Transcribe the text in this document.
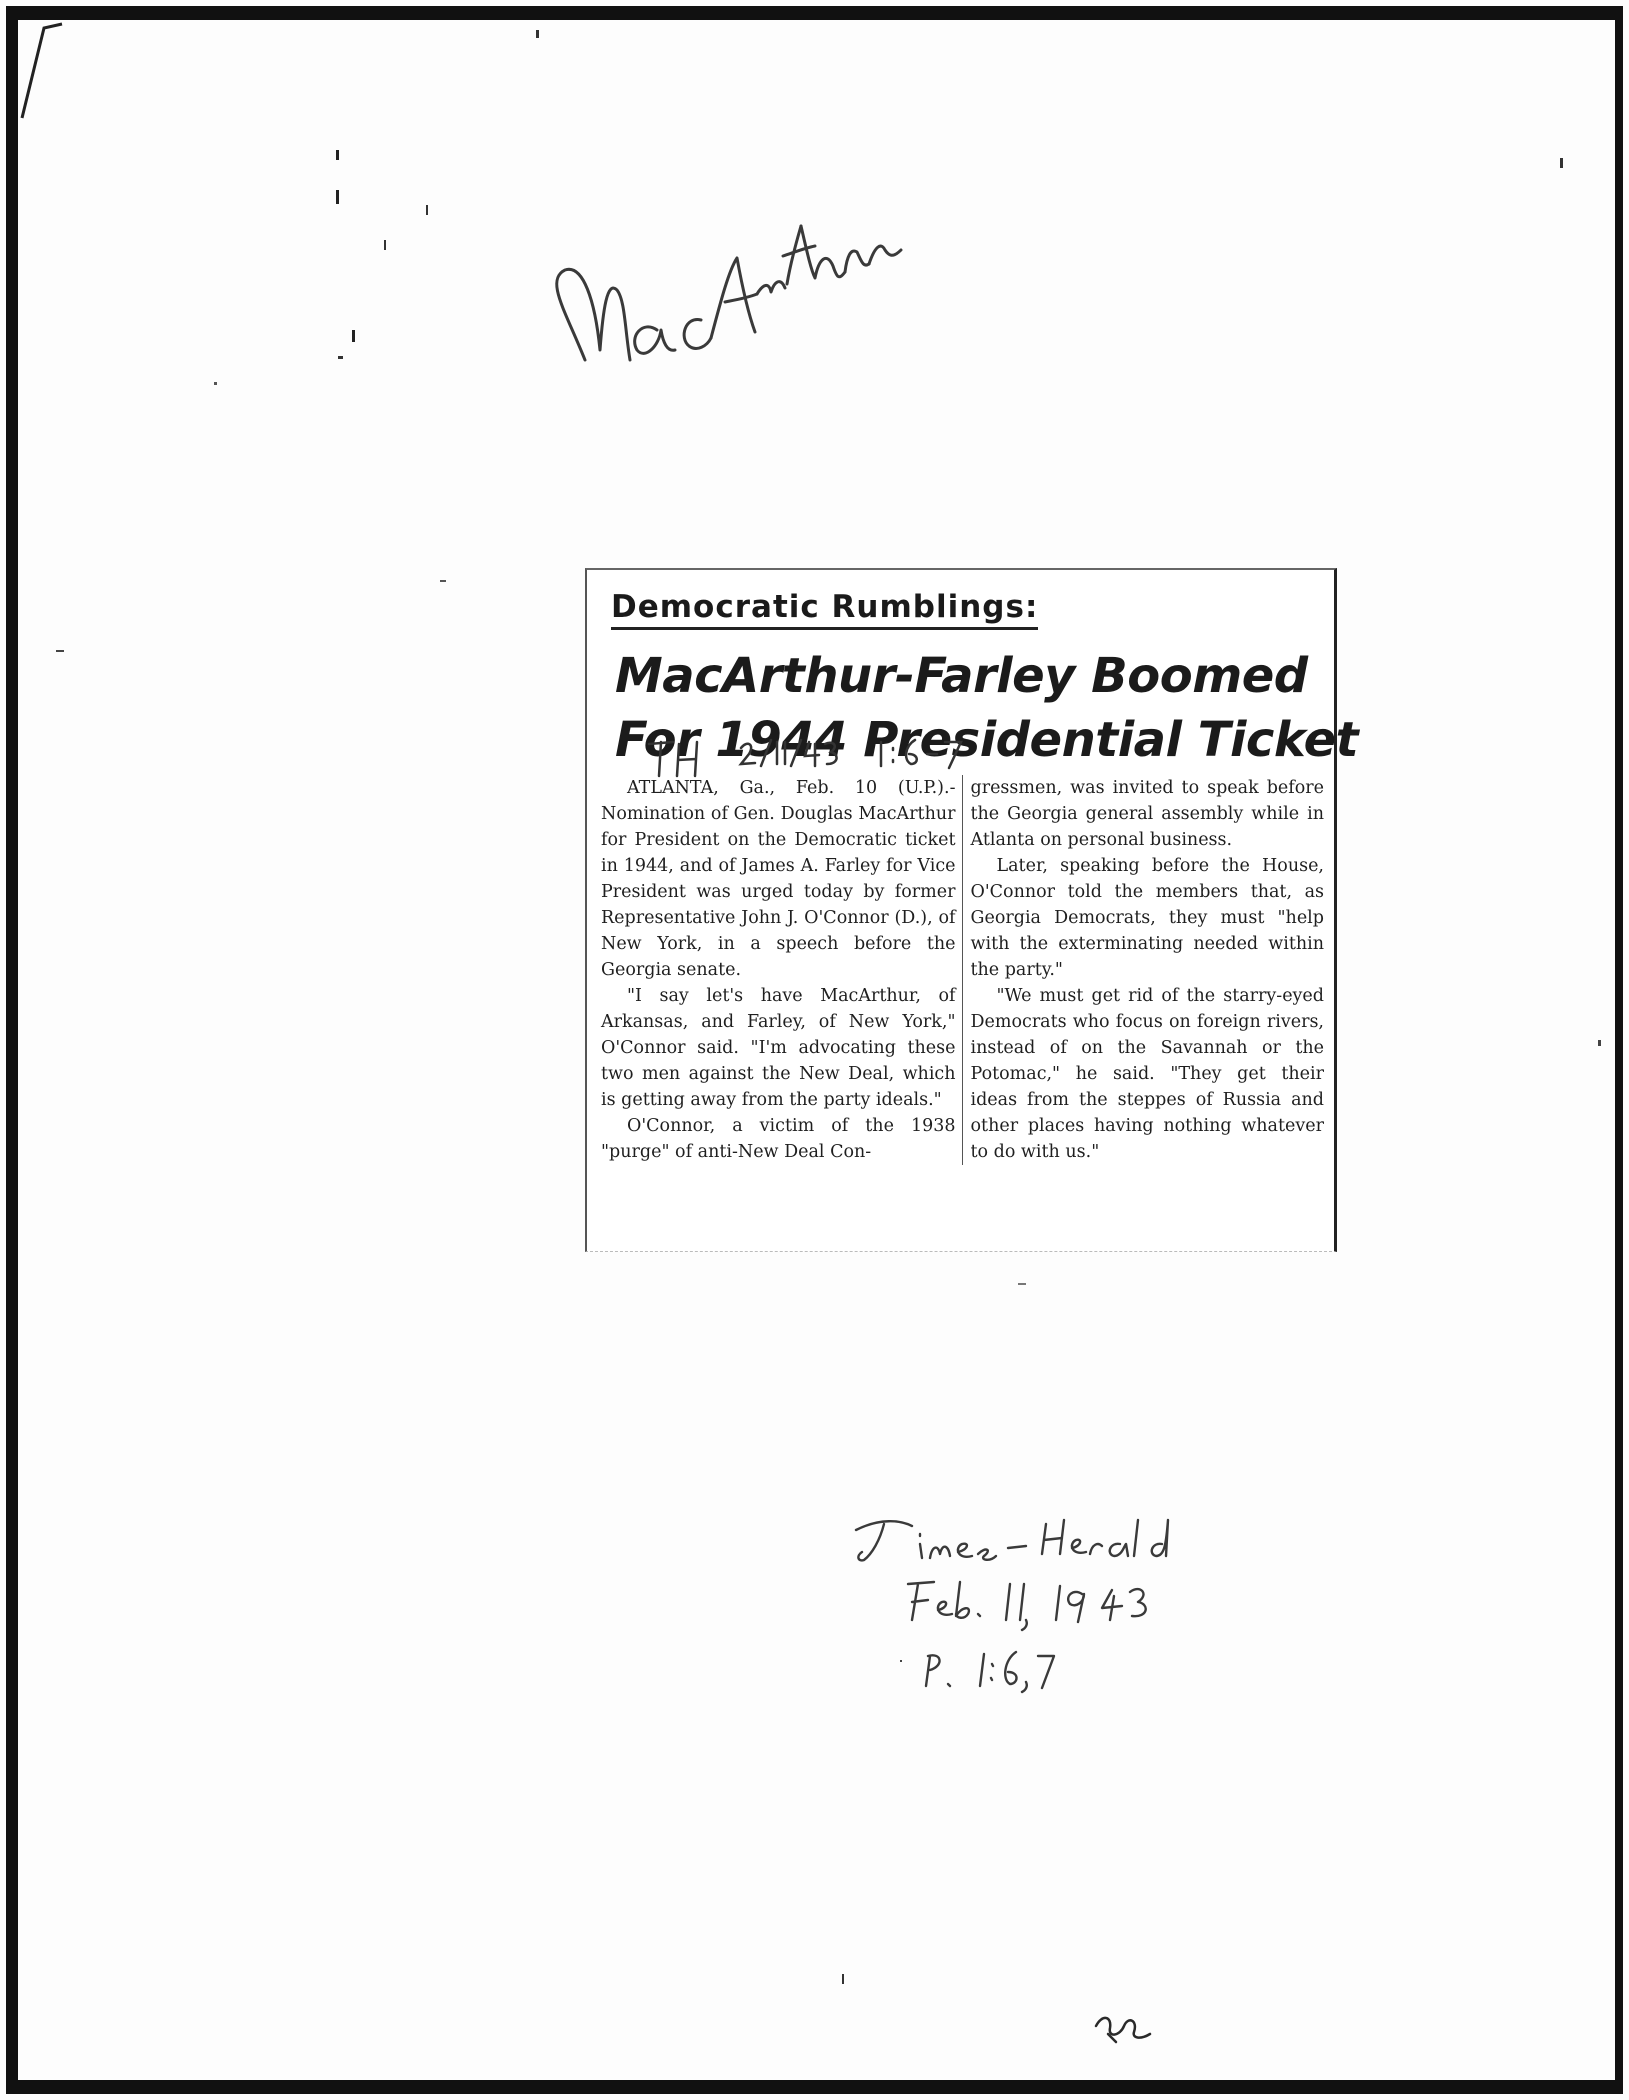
Democratic Rumblings:
MacArthur-Farley Boomed
For 1944 Presidential Ticket

ATLANTA, Ga., Feb. 10 (U.P.).- Nomination of Gen. Douglas MacArthur for President on the Democratic ticket in 1944, and of James A. Farley for Vice President was urged today by former Representative John J. O'Connor (D.), of New York, in a speech before the Georgia senate.

"I say let's have MacArthur, of Arkansas, and Farley, of New York," O'Connor said. "I'm advocating these two men against the New Deal, which is getting away from the party ideals."

O'Connor, a victim of the 1938 "purge" of anti-New Deal Con-

gressmen, was invited to speak before the Georgia general assembly while in Atlanta on personal business.

Later, speaking before the House, O'Connor told the members that, as Georgia Democrats, they must "help with the exterminating needed within the party."

"We must get rid of the starry-eyed Democrats who focus on foreign rivers, instead of on the Savannah or the Potomac," he said. "They get their ideas from the steppes of Russia and other places having nothing whatever to do with us."
